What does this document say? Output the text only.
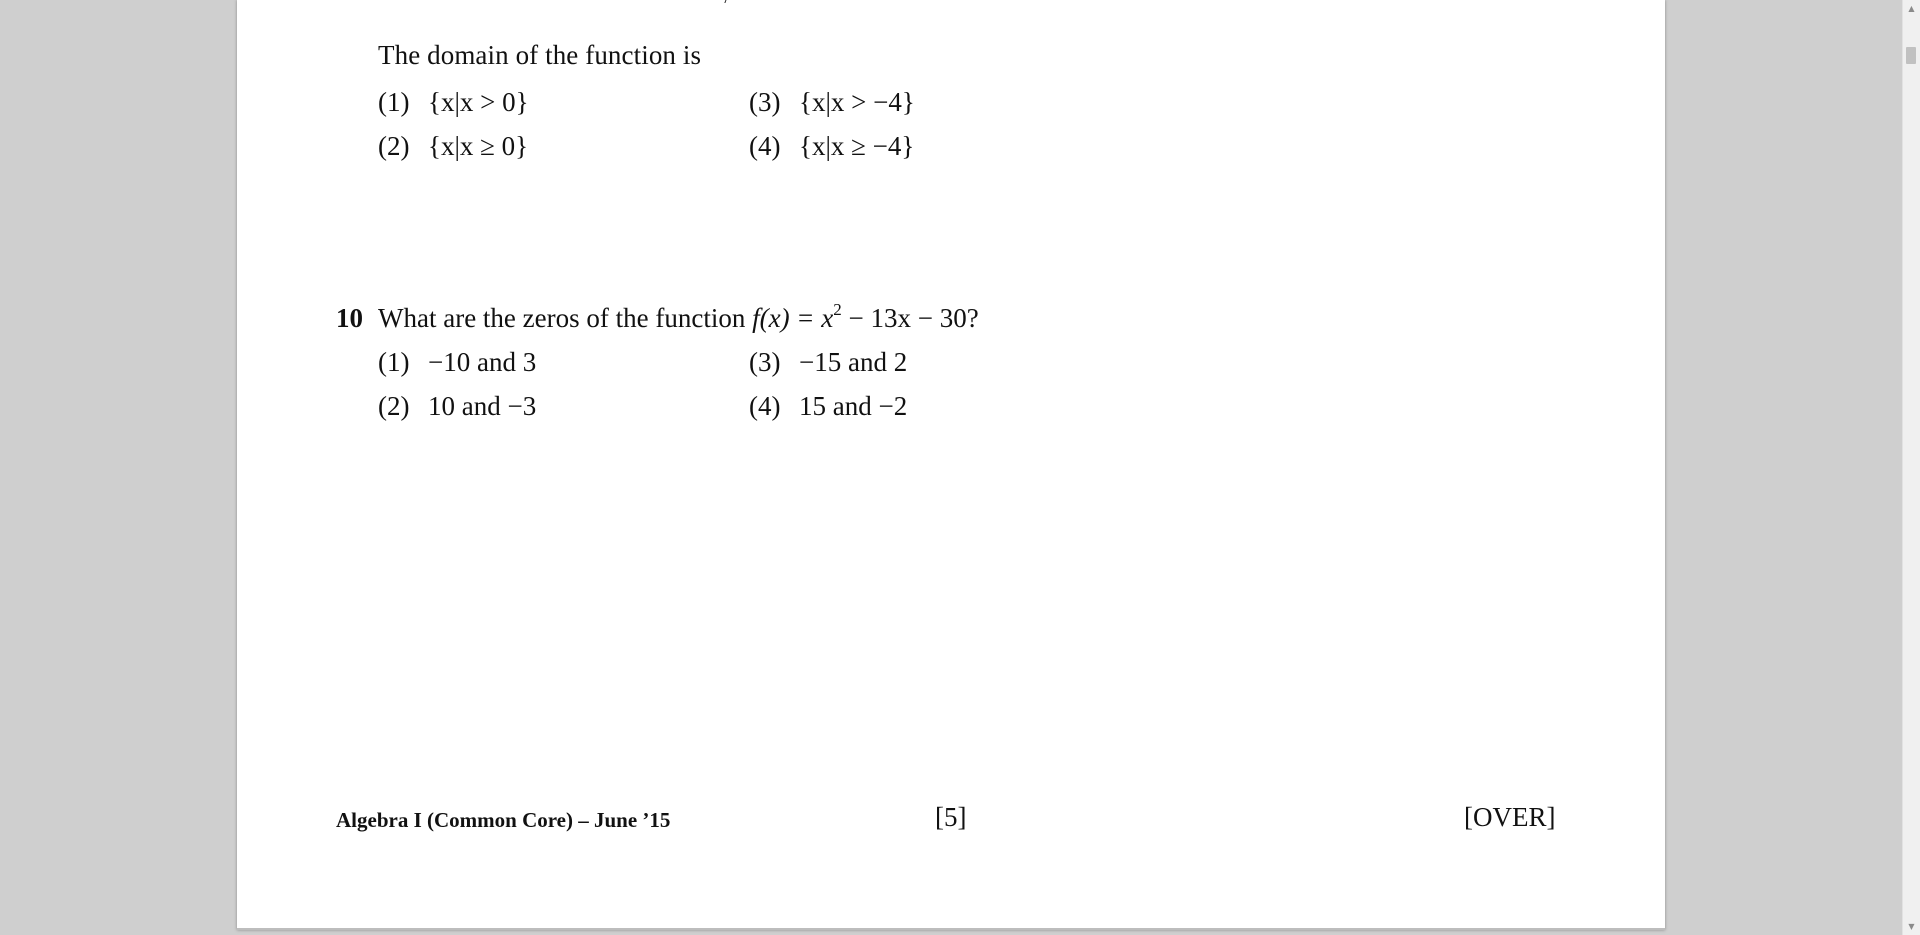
The domain of the function is
(1) {x|x > 0}
(2) {x|x ≥ 0}
(3) {x|x > −4}
(4) {x|x ≥ −4}
10 What are the zeros of the function $f(x) = x^2 - 13x - 30$?
(1) −10 and 3
(2) 10 and −3
(3) −15 and 2
(4) 15 and −2
Algebra I (Common Core) – June ’15	[5]	[OVER]
▲
▼
